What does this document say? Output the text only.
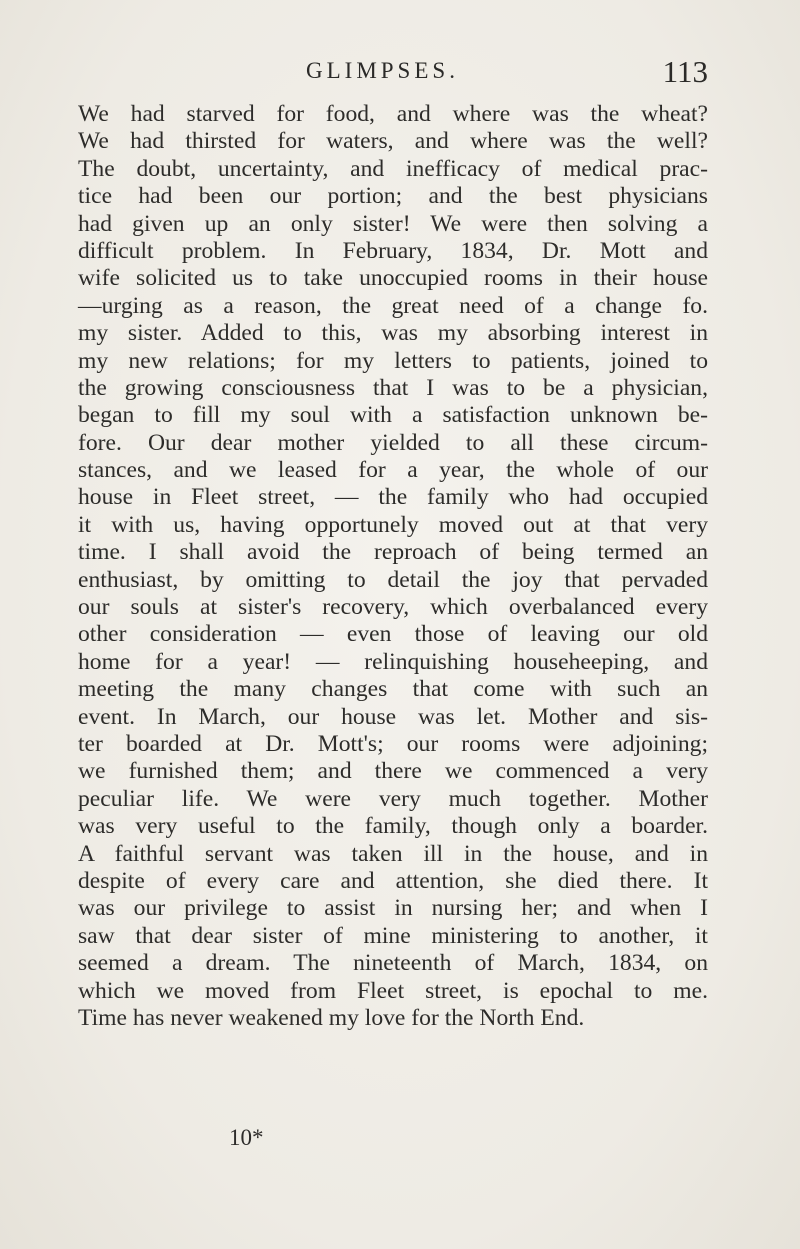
GLIMPSES.	113
We had starved for food, and where was the wheat?
We had thirsted for waters, and where was the well?
The doubt, uncertainty, and inefficacy of medical prac-
tice had been our portion; and the best physicians
had given up an only sister! We were then solving a
difficult problem. In February, 1834, Dr. Mott and
wife solicited us to take unoccupied rooms in their house
—urging as a reason, the great need of a change fo.
my sister. Added to this, was my absorbing interest in
my new relations; for my letters to patients, joined to
the growing consciousness that I was to be a physician,
began to fill my soul with a satisfaction unknown be-
fore. Our dear mother yielded to all these circum-
stances, and we leased for a year, the whole of our
house in Fleet street, — the family who had occupied
it with us, having opportunely moved out at that very
time. I shall avoid the reproach of being termed an
enthusiast, by omitting to detail the joy that pervaded
our souls at sister's recovery, which overbalanced every
other consideration — even those of leaving our old
home for a year! — relinquishing househeeping, and
meeting the many changes that come with such an
event. In March, our house was let. Mother and sis-
ter boarded at Dr. Mott's; our rooms were adjoining;
we furnished them; and there we commenced a very
peculiar life. We were very much together. Mother
was very useful to the family, though only a boarder.
A faithful servant was taken ill in the house, and in
despite of every care and attention, she died there. It
was our privilege to assist in nursing her; and when I
saw that dear sister of mine ministering to another, it
seemed a dream. The nineteenth of March, 1834, on
which we moved from Fleet street, is epochal to me.
Time has never weakened my love for the North End.
10*
